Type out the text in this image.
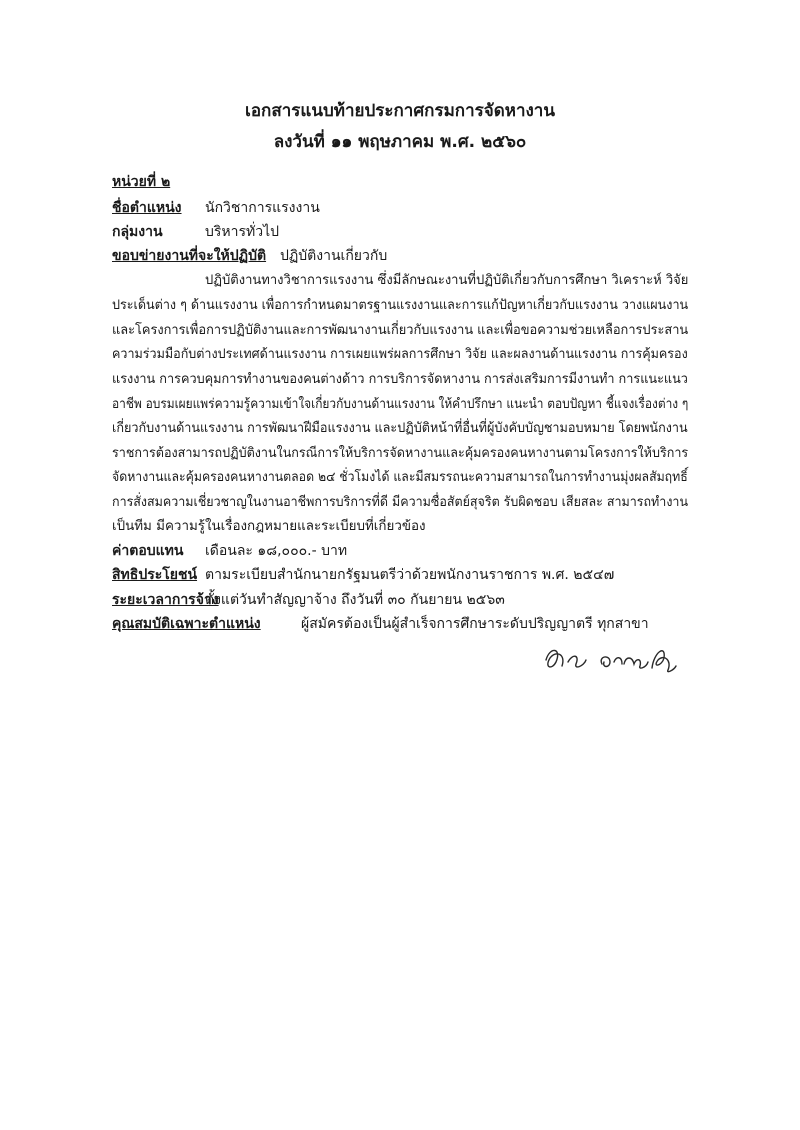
เอกสารแนบท้ายประกาศกรมการจัดหางาน
ลงวันที่ ๑๑ พฤษภาคม พ.ศ. ๒๕๖๐
หน่วยที่ ๒
ชื่อตำแหน่ง นักวิชาการแรงงาน
กลุ่มงาน	บริหารทั่วไป
ขอบข่ายงานที่จะให้ปฏิบัติ ปฏิบัติงานเกี่ยวกับ
ปฏิบัติงานทางวิชาการแรงงาน ซึ่งมีลักษณะงานที่ปฏิบัติเกี่ยวกับการศึกษา วิเคราะห์ วิจัย
ประเด็นต่าง ๆ ด้านแรงงาน เพื่อการกำหนดมาตรฐานแรงงานและการแก้ปัญหาเกี่ยวกับแรงงาน วางแผนงาน
และโครงการเพื่อการปฏิบัติงานและการพัฒนางานเกี่ยวกับแรงงาน และเพื่อขอความช่วยเหลือการประสาน
ความร่วมมือกับต่างประเทศด้านแรงงาน การเผยแพร่ผลการศึกษา วิจัย และผลงานด้านแรงงาน การคุ้มครอง
แรงงาน การควบคุมการทำงานของคนต่างด้าว การบริการจัดหางาน การส่งเสริมการมีงานทำ การแนะแนว
อาชีพ อบรมเผยแพร่ความรู้ความเข้าใจเกี่ยวกับงานด้านแรงงาน ให้คำปรึกษา แนะนำ ตอบปัญหา ชี้แจงเรื่องต่าง ๆ
เกี่ยวกับงานด้านแรงงาน การพัฒนาฝีมือแรงงาน และปฏิบัติหน้าที่อื่นที่ผู้บังคับบัญชามอบหมาย โดยพนักงาน
ราชการต้องสามารถปฏิบัติงานในกรณีการให้บริการจัดหางานและคุ้มครองคนหางานตามโครงการให้บริการ
จัดหางานและคุ้มครองคนหางานตลอด ๒๔ ชั่วโมงได้ และมีสมรรถนะความสามารถในการทำงานมุ่งผลสัมฤทธิ์
การสั่งสมความเชี่ยวชาญในงานอาชีพการบริการที่ดี มีความซื่อสัตย์สุจริต รับผิดชอบ เสียสละ สามารถทำงาน
เป็นทีม มีความรู้ในเรื่องกฎหมายและระเบียบที่เกี่ยวข้อง
ค่าตอบแทน เดือนละ ๑๘,๐๐๐.- บาท
สิทธิประโยชน์ ตามระเบียบสำนักนายกรัฐมนตรีว่าด้วยพนักงานราชการ พ.ศ. ๒๕๔๗
ระยะเวลาการจ้าง
ตั้งแต่วันทำสัญญาจ้าง ถึงวันที่ ๓๐ กันยายน ๒๕๖๓
คุณสมบัติเฉพาะตำแหน่ง	ผู้สมัครต้องเป็นผู้สำเร็จการศึกษาระดับปริญญาตรี ทุกสาขา
